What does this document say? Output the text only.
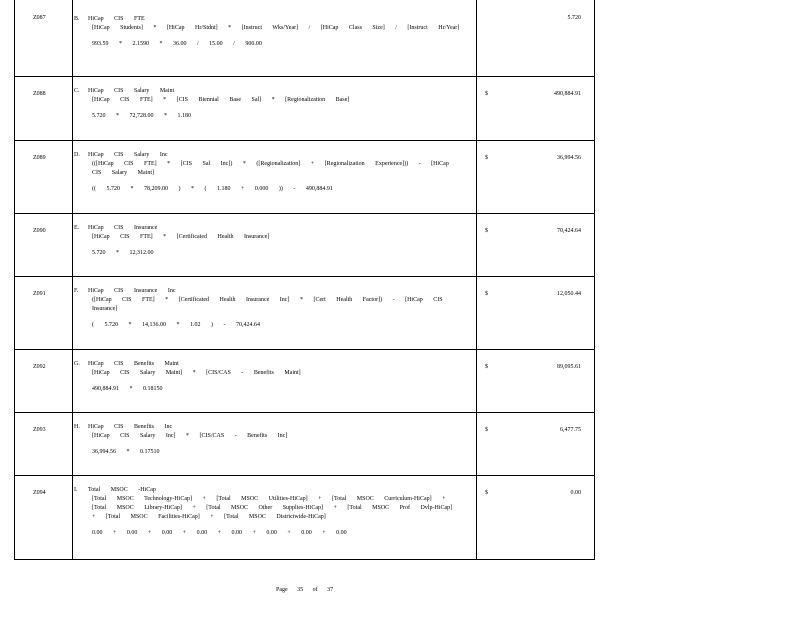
Z087	B. HiCap CIS FTE
[HiCap Students] * [HiCap Hr/Stdnt] * [Instruct Wks/Year] / [HiCap Class Size] / [Instruct Hr/Year]
993.59 * 2.1590 * 36.00 / 15.00 / 900.00
5.720
Z088	C. HiCap CIS Salary Maint
[HiCap CIS FTE] * [CIS Biennial Base Sal] * [Regionalization Base]
5.720 * 72,728.00 * 1.180
$	490,884.91
Z089	D. HiCap CIS Salary Inc
(([HiCap CIS FTE] * [CIS Sal Inc]) * ([Regionalization] + [Regionalization Experience])) - [HiCap CIS Salary Maint]
(( 5.720 * 78,209.00 ) * ( 1.180 + 0.000 )) - 490,884.91
$	36,994.56
Z090	E. HiCap CIS Insurance
[HiCap CIS FTE] * [Certificated Health Insurance]
5.720 * 12,312.00
$	70,424.64
Z091	F. HiCap CIS Insurance Inc
([HiCap CIS FTE] * [Certificated Health Insurance Inc] * [Cert Health Factor]) - [HiCap CIS Insurance]
( 5.720 * 14,136.00 * 1.02 ) - 70,424.64
$	12,050.44
Z092	G. HiCap CIS Benefits Maint
[HiCap CIS Salary Maint] * [CIS/CAS - Benefits Maint]
490,884.91 * 0.18150
$	89,095.61
Z093	H. HiCap CIS Benefits Inc
[HiCap CIS Salary Inc] * [CIS/CAS - Benefits Inc]
36,994.56 * 0.17510
$	6,477.75
Z094	I. Total MSOC -HiCap
[Total MSOC Technology-HiCap] + [Total MSOC Utilities-HiCap] + [Total MSOC Curriculum-HiCap] + [Total MSOC Library-HiCap] + [Total MSOC Other Supplies-HiCap] + [Total MSOC Prof Dvlp-HiCap] + [Total MSOC Facilities-HiCap] + [Total MSOC Districtwide-HiCap]
0.00 + 0.00 + 0.00 + 0.00 + 0.00 + 0.00 + 0.00 + 0.00
$	0.00
Page 35 of 37
